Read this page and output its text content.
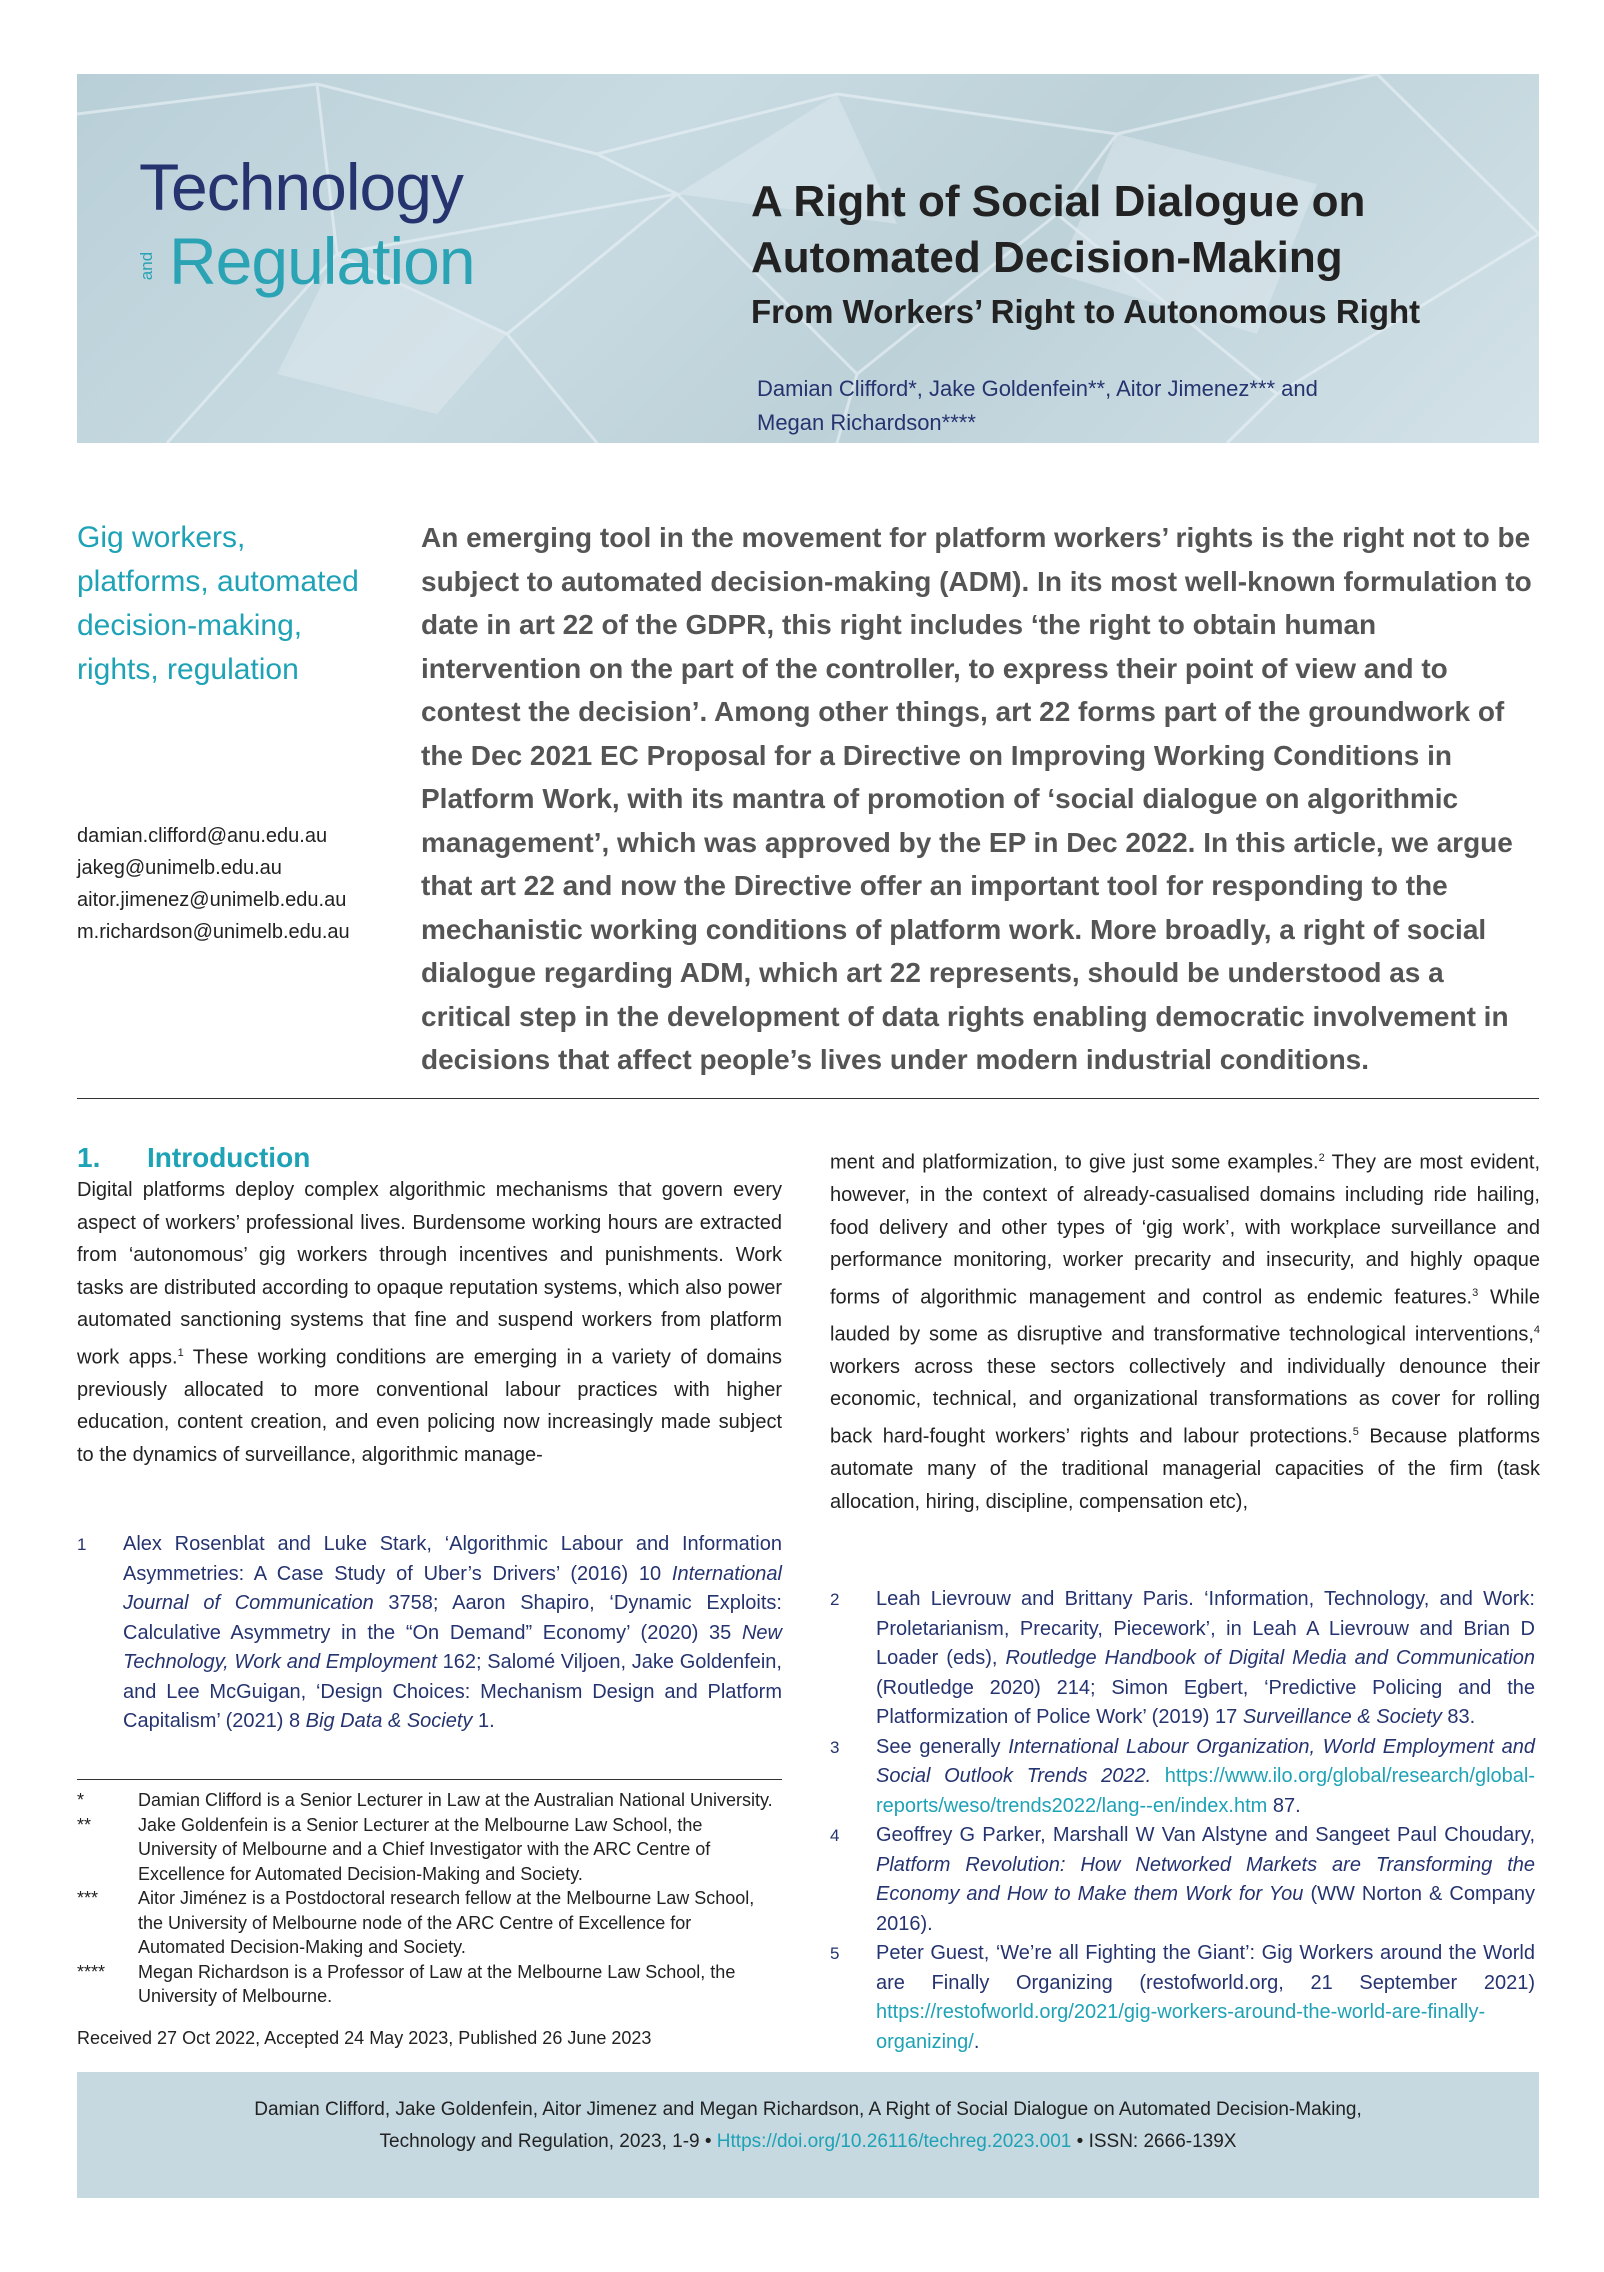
Technology
and Regulation

A Right of Social Dialogue on
Automated Decision-Making

From Workers’ Right to Autonomous Right

Damian Clifford*, Jake Goldenfein**, Aitor Jimenez*** and
Megan Richardson****
Gig workers,
platforms, automated
decision-making,
rights, regulation
damian.clifford@anu.edu.au
jakeg@unimelb.edu.au
aitor.jimenez@unimelb.edu.au
m.richardson@unimelb.edu.au

An emerging tool in the movement for platform workers’ rights is the right not to be subject to automated decision-making (ADM). In its most well-known formulation to date in art 22 of the GDPR, this right includes ‘the right to obtain human intervention on the part of the controller, to express their point of view and to contest the decision’. Among other things, art 22 forms part of the groundwork of the Dec 2021 EC Proposal for a Directive on Improving Working Conditions in Platform Work, with its mantra of promotion of ‘social dialogue on algorithmic management’, which was approved by the EP in Dec 2022. In this article, we argue that art 22 and now the Directive offer an important tool for responding to the mechanistic working conditions of platform work. More broadly, a right of social dialogue regarding ADM, which art 22 represents, should be understood as a critical step in the development of data rights enabling democratic involvement in decisions that affect people’s lives under modern industrial conditions.

1. Introduction

Digital platforms deploy complex algorithmic mechanisms that govern every aspect of workers’ professional lives. Burdensome working hours are extracted from ‘autonomous’ gig workers through incentives and punishments. Work tasks are distributed according to opaque reputation systems, which also power automated sanctioning systems that fine and suspend workers from platform work apps.$^1$ These working conditions are emerging in a variety of domains previously allocated to more conventional labour practices with higher education, content creation, and even policing now increasingly made subject to the dynamics of surveillance, algorithmic manage-

ment and platformization, to give just some examples.$^2$ They are most evident, however, in the context of already-casualised domains including ride hailing, food delivery and other types of ‘gig work’, with workplace surveillance and performance monitoring, worker precarity and insecurity, and highly opaque forms of algorithmic management and control as endemic features.$^3$ While lauded by some as disruptive and transformative technological interventions,$^4$ workers across these sectors collectively and individually denounce their economic, technical, and organizational transformations as cover for rolling back hard-fought workers’ rights and labour protections.$^5$ Because platforms automate many of the traditional managerial capacities of the firm (task allocation, hiring, discipline, compensation etc),

1	Alex Rosenblat and Luke Stark, ‘Algorithmic Labour and Information Asymmetries: A Case Study of Uber’s Drivers’ (2016) 10 International Journal of Communication 3758; Aaron Shapiro, ‘Dynamic Exploits: Calculative Asymmetry in the “On Demand” Economy’ (2020) 35 New Technology, Work and Employment 162; Salomé Viljoen, Jake Goldenfein, and Lee McGuigan, ‘Design Choices: Mechanism Design and Platform Capitalism’ (2021) 8 Big Data & Society 1.
2	Leah Lievrouw and Brittany Paris. ‘Information, Technology, and Work: Proletarianism, Precarity, Piecework’, in Leah A Lievrouw and Brian D Loader (eds), Routledge Handbook of Digital Media and Communication (Routledge 2020) 214; Simon Egbert, ‘Predictive Policing and the Platformization of Police Work’ (2019) 17 Surveillance & Society 83.
3	See generally International Labour Organization, World Employment and Social Outlook Trends 2022. https://www.ilo.org/global/research/global-reports/weso/trends2022/lang--en/index.htm 87.
4	Geoffrey G Parker, Marshall W Van Alstyne and Sangeet Paul Choudary, Platform Revolution: How Networked Markets are Transforming the Economy and How to Make them Work for You (WW Norton & Company 2016).
5	Peter Guest, ‘We’re all Fighting the Giant’: Gig Workers around the World are Finally Organizing (restofworld.org, 21 September 2021) https://restofworld.org/2021/gig-workers-around-the-world-are-finally-organizing/.
*	Damian Clifford is a Senior Lecturer in Law at the Australian National University.
**	Jake Goldenfein is a Senior Lecturer at the Melbourne Law School, the University of Melbourne and a Chief Investigator with the ARC Centre of Excellence for Automated Decision-Making and Society.
***	Aitor Jiménez is a Postdoctoral research fellow at the Melbourne Law School, the University of Melbourne node of the ARC Centre of Excellence for Automated Decision-Making and Society.
****	Megan Richardson is a Professor of Law at the Melbourne Law School, the University of Melbourne.
Received 27 Oct 2022, Accepted 24 May 2023, Published 26 June 2023
Damian Clifford, Jake Goldenfein, Aitor Jimenez and Megan Richardson, A Right of Social Dialogue on Automated Decision-Making,
Technology and Regulation, 2023, 1-9 • Https://doi.org/10.26116/techreg.2023.001 • ISSN: 2666-139X
